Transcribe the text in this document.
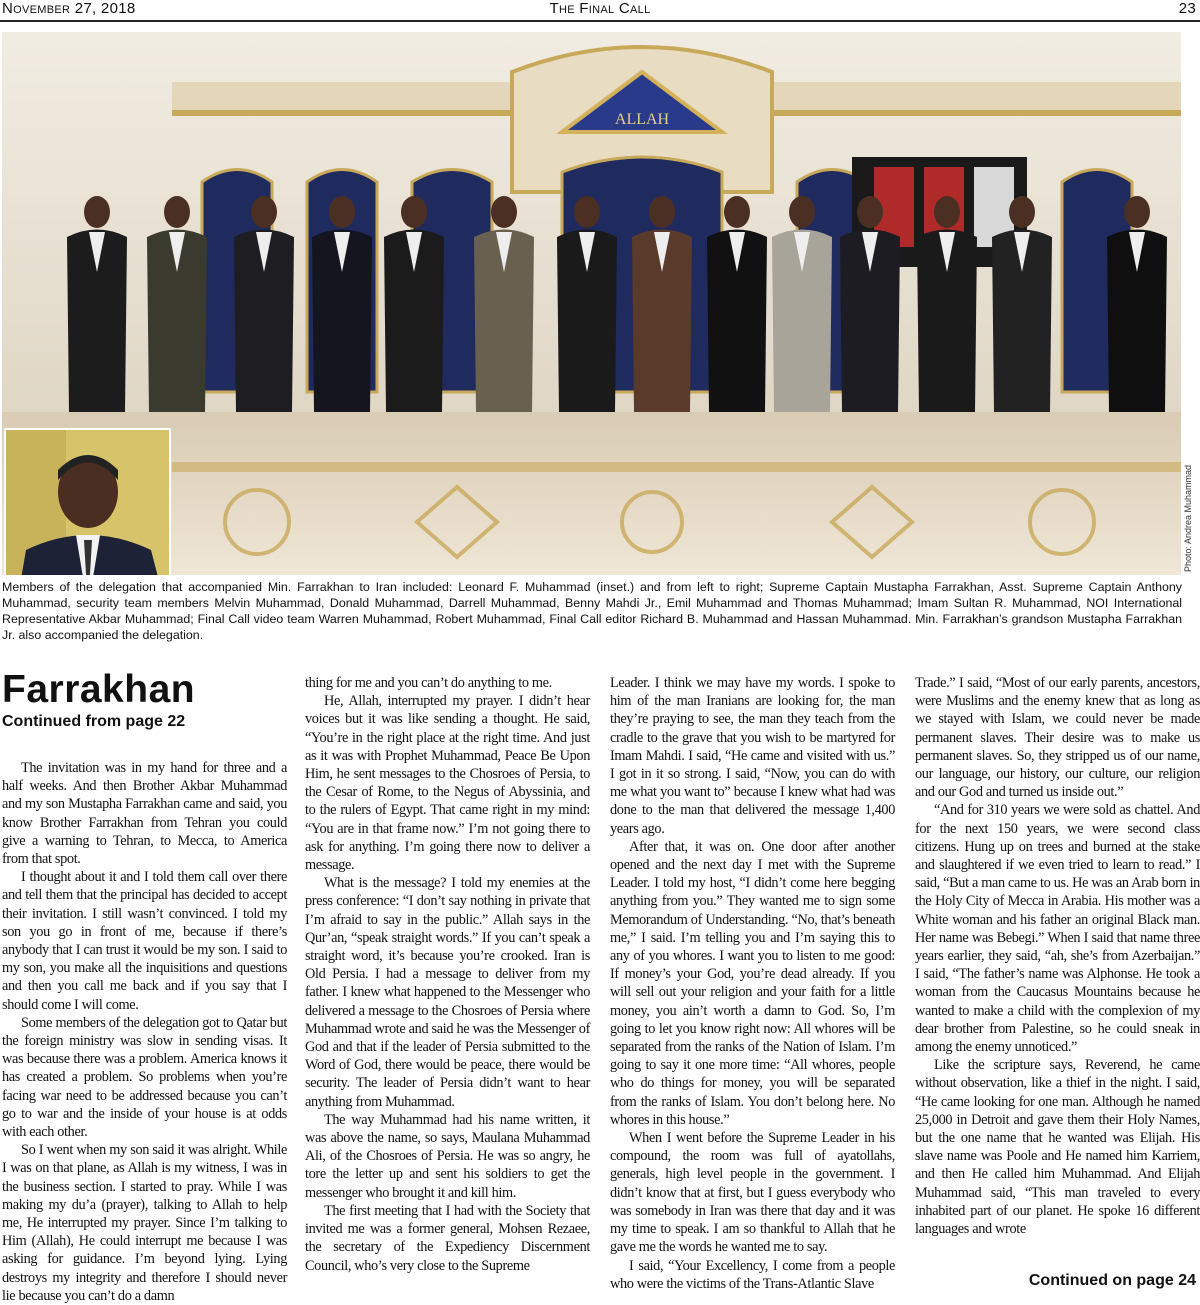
November 27, 2018	The Final Call	23
ALLAH
Photo: Andrea Muhammad
Members of the delegation that accompanied Min. Farrakhan to Iran included: Leonard F. Muhammad (inset.) and from left to right; Supreme Captain Mustapha Farrakhan, Asst. Supreme Captain Anthony Muhammad, security team members Melvin Muhammad, Donald Muhammad, Darrell Muhammad, Benny Mahdi Jr., Emil Muhammad and Thomas Muhammad; Imam Sultan R. Muhammad, NOI International Representative Akbar Muhammad; Final Call video team Warren Muhammad, Robert Muhammad, Final Call editor Richard B. Muhammad and Hassan Muhammad. Min. Farrakhan’s grandson Mustapha Farrakhan Jr. also accompanied the delegation.
Farrakhan
Continued from page 22

The invitation was in my hand for three and a half weeks. And then Brother Akbar Muhammad and my son Mustapha Farrakhan came and said, you know Brother Farrakhan from Tehran you could give a warning to Tehran, to Mecca, to America from that spot.

I thought about it and I told them call over there and tell them that the principal has decided to accept their invitation. I still wasn’t convinced. I told my son you go in front of me, because if there’s anybody that I can trust it would be my son. I said to my son, you make all the inquisitions and questions and then you call me back and if you say that I should come I will come.

Some members of the delegation got to Qatar but the foreign ministry was slow in sending visas. It was because there was a problem. America knows it has created a problem. So problems when you’re facing war need to be addressed because you can’t go to war and the inside of your house is at odds with each other.

So I went when my son said it was alright. While I was on that plane, as Allah is my witness, I was in the business section. I started to pray. While I was making my du’a (prayer), talking to Allah to help me, He interrupted my prayer. Since I’m talking to Him (Allah), He could interrupt me because I was asking for guidance. I’m beyond lying. Lying destroys my integrity and therefore I should never lie because you can’t do a damn

thing for me and you can’t do anything to me.

He, Allah, interrupted my prayer. I didn’t hear voices but it was like sending a thought. He said, “You’re in the right place at the right time. And just as it was with Prophet Muhammad, Peace Be Upon Him, he sent messages to the Chosroes of Persia, to the Cesar of Rome, to the Negus of Abyssinia, and to the rulers of Egypt. That came right in my mind: “You are in that frame now.” I’m not going there to ask for anything. I’m going there now to deliver a message.

What is the message? I told my enemies at the press conference: “I don’t say nothing in private that I’m afraid to say in the public.” Allah says in the Qur’an, “speak straight words.” If you can’t speak a straight word, it’s because you’re crooked. Iran is Old Persia. I had a message to deliver from my father. I knew what happened to the Messenger who delivered a message to the Chosroes of Persia where Muhammad wrote and said he was the Messenger of God and that if the leader of Persia submitted to the Word of God, there would be peace, there would be security. The leader of Persia didn’t want to hear anything from Muhammad.

The way Muhammad had his name written, it was above the name, so says, Maulana Muhammad Ali, of the Chosroes of Persia. He was so angry, he tore the letter up and sent his soldiers to get the messenger who brought it and kill him.

The first meeting that I had with the Society that invited me was a former general, Mohsen Rezaee, the secretary of the Expediency Discernment Council, who’s very close to the Supreme

Leader. I think we may have my words. I spoke to him of the man Iranians are looking for, the man they’re praying to see, the man they teach from the cradle to the grave that you wish to be martyred for Imam Mahdi. I said, “He came and visited with us.” I got in it so strong. I said, “Now, you can do with me what you want to” because I knew what had was done to the man that delivered the message 1,400 years ago.

After that, it was on. One door after another opened and the next day I met with the Supreme Leader. I told my host, “I didn’t come here begging anything from you.” They wanted me to sign some Memorandum of Understanding. “No, that’s beneath me,” I said. I’m telling you and I’m saying this to any of you whores. I want you to listen to me good: If money’s your God, you’re dead already. If you will sell out your religion and your faith for a little money, you ain’t worth a damn to God. So, I’m going to let you know right now: All whores will be separated from the ranks of the Nation of Islam. I’m going to say it one more time: “All whores, people who do things for money, you will be separated from the ranks of Islam. You don’t belong here. No whores in this house.”

When I went before the Supreme Leader in his compound, the room was full of ayatollahs, generals, high level people in the government. I didn’t know that at first, but I guess everybody who was somebody in Iran was there that day and it was my time to speak. I am so thankful to Allah that he gave me the words he wanted me to say.

I said, “Your Excellency, I come from a people who were the victims of the Trans-Atlantic Slave

Trade.” I said, “Most of our early parents, ancestors, were Muslims and the enemy knew that as long as we stayed with Islam, we could never be made permanent slaves. Their desire was to make us permanent slaves. So, they stripped us of our name, our language, our history, our culture, our religion and our God and turned us inside out.”

“And for 310 years we were sold as chattel. And for the next 150 years, we were second class citizens. Hung up on trees and burned at the stake and slaughtered if we even tried to learn to read.” I said, “But a man came to us. He was an Arab born in the Holy City of Mecca in Arabia. His mother was a White woman and his father an original Black man. Her name was Bebegi.” When I said that name three years earlier, they said, “ah, she’s from Azerbaijan.” I said, “The father’s name was Alphonse. He took a woman from the Caucasus Mountains because he wanted to make a child with the complexion of my dear brother from Palestine, so he could sneak in among the enemy unnoticed.”

Like the scripture says, Reverend, he came without observation, like a thief in the night. I said, “He came looking for one man. Although he named 25,000 in Detroit and gave them their Holy Names, but the one name that he wanted was Elijah. His slave name was Poole and He named him Karriem, and then He called him Muhammad. And Elijah Muhammad said, “This man traveled to every inhabited part of our planet. He spoke 16 different languages and wrote

Continued on page 24
